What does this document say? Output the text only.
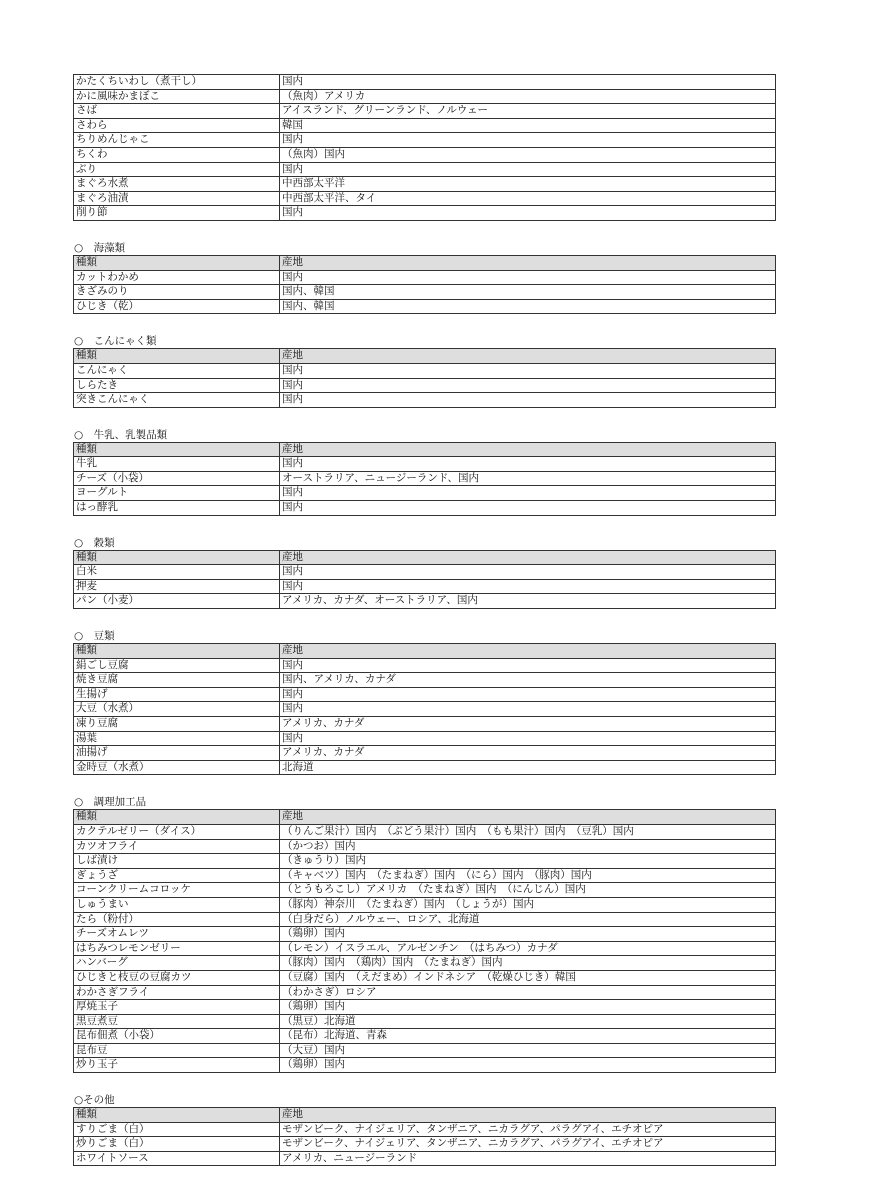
かたくちいわし（煮干し）	国内
かに風味かまぼこ	（魚肉）アメリカ
さば	アイスランド、グリーンランド、ノルウェー
さわら	韓国
ちりめんじゃこ	国内
ちくわ	（魚肉）国内
ぶり	国内
まぐろ水煮	中西部太平洋
まぐろ油漬	中西部太平洋、タイ
削り節	国内
○　海藻類
種類	産地
カットわかめ	国内
きざみのり	国内、韓国
ひじき（乾）	国内、韓国
○　こんにゃく類
種類	産地
こんにゃく	国内
しらたき	国内
突きこんにゃく	国内
○　牛乳、乳製品類
種類	産地
牛乳	国内
チーズ（小袋）	オーストラリア、ニュージーランド、国内
ヨーグルト	国内
はっ酵乳	国内
○　穀類
種類	産地
白米	国内
押麦	国内
パン（小麦）	アメリカ、カナダ、オーストラリア、国内
○　豆類
種類	産地
絹ごし豆腐	国内
焼き豆腐	国内、アメリカ、カナダ
生揚げ	国内
大豆（水煮）	国内
凍り豆腐	アメリカ、カナダ
湯葉	国内
油揚げ	アメリカ、カナダ
金時豆（水煮）	北海道
○　調理加工品
種類	産地
カクテルゼリー（ダイス）	（りんご果汁）国内　（ぶどう果汁）国内　（もも果汁）国内　（豆乳）国内
カツオフライ	（かつお）国内
しば漬け	（きゅうり）国内
ぎょうざ	（キャベツ）国内　（たまねぎ）国内　（にら）国内　（豚肉）国内
コーンクリームコロッケ	（とうもろこし）アメリカ　（たまねぎ）国内　（にんじん）国内
しゅうまい	（豚肉）神奈川　（たまねぎ）国内　（しょうが）国内
たら（粉付）	（白身だら）ノルウェー、ロシア、北海道
チーズオムレツ	（鶏卵）国内
はちみつレモンゼリー	（レモン）イスラエル、アルゼンチン　（はちみつ）カナダ
ハンバーグ	（豚肉）国内　（鶏肉）国内　（たまねぎ）国内
ひじきと枝豆の豆腐カツ	（豆腐）国内　（えだまめ）インドネシア　（乾燥ひじき）韓国
わかさぎフライ	（わかさぎ）ロシア
厚焼玉子	（鶏卵）国内
黒豆煮豆	（黒豆）北海道
昆布佃煮（小袋）	（昆布）北海道、青森
昆布豆	（大豆）国内
炒り玉子	（鶏卵）国内
○その他
種類	産地
すりごま（白）	モザンビーク、ナイジェリア、タンザニア、ニカラグア、パラグアイ、エチオピア
炒りごま（白）	モザンビーク、ナイジェリア、タンザニア、ニカラグア、パラグアイ、エチオピア
ホワイトソース	アメリカ、ニュージーランド
